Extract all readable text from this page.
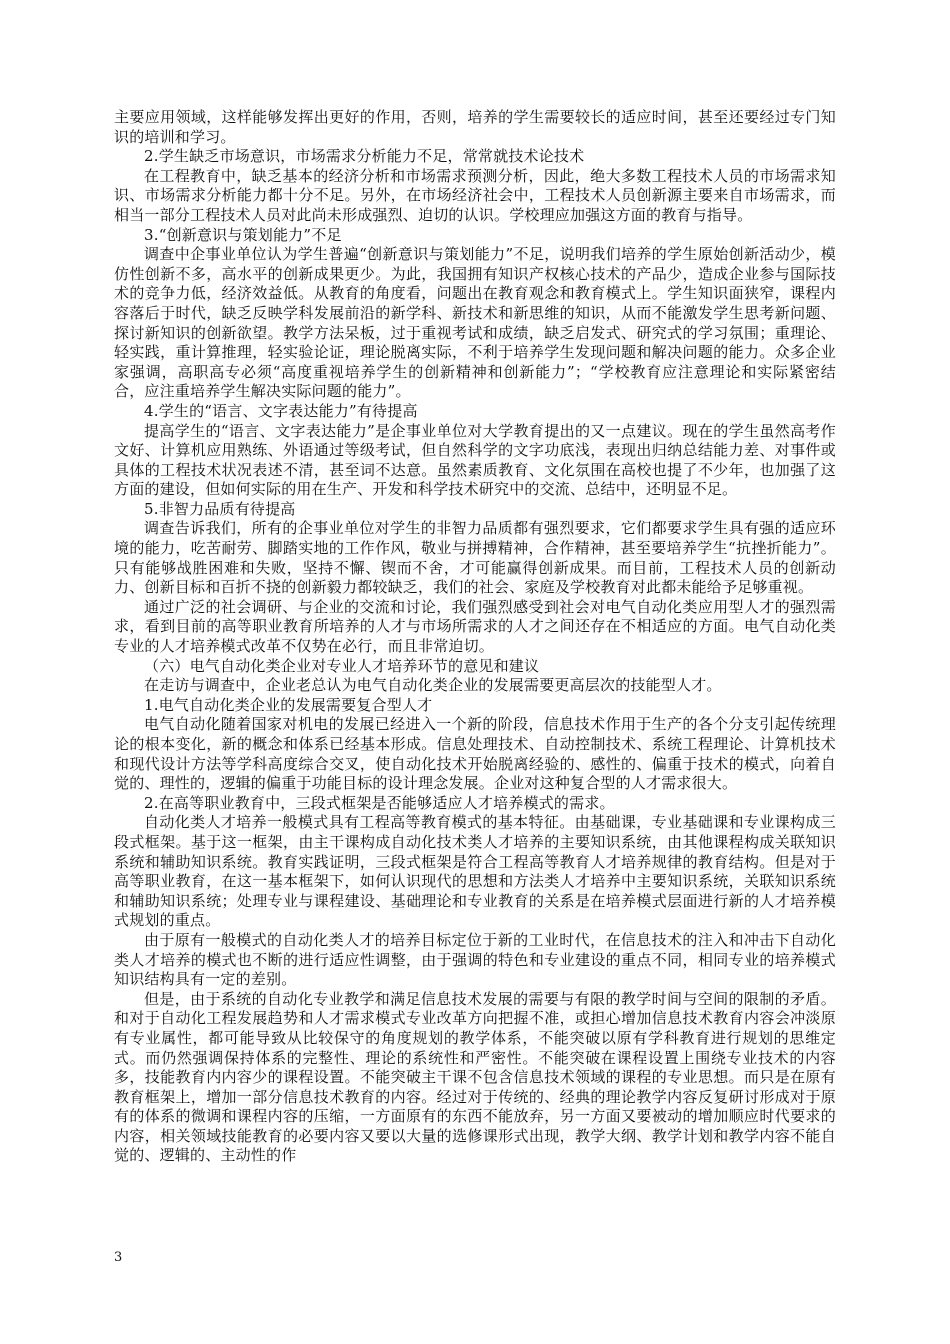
主要应用领域，这样能够发挥出更好的作用，否则，培养的学生需要较长的适应时间，甚至还要经过专门知识的培训和学习。

2.学生缺乏市场意识，市场需求分析能力不足，常常就技术论技术

在工程教育中，缺乏基本的经济分析和市场需求预测分析，因此，绝大多数工程技术人员的市场需求知识、市场需求分析能力都十分不足。另外，在市场经济社会中，工程技术人员创新源主要来自市场需求，而相当一部分工程技术人员对此尚未形成强烈、迫切的认识。学校理应加强这方面的教育与指导。

3.“创新意识与策划能力”不足

调查中企事业单位认为学生普遍“创新意识与策划能力”不足，说明我们培养的学生原始创新活动少，模仿性创新不多，高水平的创新成果更少。为此，我国拥有知识产权核心技术的产品少，造成企业参与国际技术的竞争力低，经济效益低。从教育的角度看，问题出在教育观念和教育模式上。学生知识面狭窄，课程内容落后于时代，缺乏反映学科发展前沿的新学科、新技术和新思维的知识，从而不能激发学生思考新问题、探讨新知识的创新欲望。教学方法呆板，过于重视考试和成绩，缺乏启发式、研究式的学习氛围；重理论、轻实践，重计算推理，轻实验论证，理论脱离实际，不利于培养学生发现问题和解决问题的能力。众多企业家强调，高职高专必须“高度重视培养学生的创新精神和创新能力”；“学校教育应注意理论和实际紧密结合，应注重培养学生解决实际问题的能力”。

4.学生的“语言、文字表达能力”有待提高

提高学生的“语言、文字表达能力”是企事业单位对大学教育提出的又一点建议。现在的学生虽然高考作文好、计算机应用熟练、外语通过等级考试，但自然科学的文字功底浅，表现出归纳总结能力差、对事件或具体的工程技术状况表述不清，甚至词不达意。虽然素质教育、文化氛围在高校也提了不少年，也加强了这方面的建设，但如何实际的用在生产、开发和科学技术研究中的交流、总结中，还明显不足。

5.非智力品质有待提高

调查告诉我们，所有的企事业单位对学生的非智力品质都有强烈要求，它们都要求学生具有强的适应环境的能力，吃苦耐劳、脚踏实地的工作作风，敬业与拼搏精神，合作精神，甚至要培养学生“抗挫折能力”。只有能够战胜困难和失败，坚持不懈、锲而不舍，才可能赢得创新成果。而目前，工程技术人员的创新动力、创新目标和百折不挠的创新毅力都较缺乏，我们的社会、家庭及学校教育对此都未能给予足够重视。

通过广泛的社会调研、与企业的交流和讨论，我们强烈感受到社会对电气自动化类应用型人才的强烈需求，看到目前的高等职业教育所培养的人才与市场所需求的人才之间还存在不相适应的方面。电气自动化类专业的人才培养模式改革不仅势在必行，而且非常迫切。

（六）电气自动化类企业对专业人才培养环节的意见和建议

在走访与调查中，企业老总认为电气自动化类企业的发展需要更高层次的技能型人才。

1.电气自动化类企业的发展需要复合型人才

电气自动化随着国家对机电的发展已经进入一个新的阶段，信息技术作用于生产的各个分支引起传统理论的根本变化，新的概念和体系已经基本形成。信息处理技术、自动控制技术、系统工程理论、计算机技术和现代设计方法等学科高度综合交叉，使自动化技术开始脱离经验的、感性的、偏重于技术的模式，向着自觉的、理性的，逻辑的偏重于功能目标的设计理念发展。企业对这种复合型的人才需求很大。

2.在高等职业教育中，三段式框架是否能够适应人才培养模式的需求。

自动化类人才培养一般模式具有工程高等教育模式的基本特征。由基础课，专业基础课和专业课构成三段式框架。基于这一框架，由主干课构成自动化技术类人才培养的主要知识系统，由其他课程构成关联知识系统和辅助知识系统。教育实践证明，三段式框架是符合工程高等教育人才培养规律的教育结构。但是对于高等职业教育，在这一基本框架下，如何认识现代的思想和方法类人才培养中主要知识系统，关联知识系统和辅助知识系统；处理专业与课程建设、基础理论和专业教育的关系是在培养模式层面进行新的人才培养模式规划的重点。

由于原有一般模式的自动化类人才的培养目标定位于新的工业时代，在信息技术的注入和冲击下自动化类人才培养的模式也不断的进行适应性调整，由于强调的特色和专业建设的重点不同，相同专业的培养模式知识结构具有一定的差别。

但是，由于系统的自动化专业教学和满足信息技术发展的需要与有限的教学时间与空间的限制的矛盾。和对于自动化工程发展趋势和人才需求模式专业改革方向把握不准，或担心增加信息技术教育内容会冲淡原有专业属性，都可能导致从比较保守的角度规划的教学体系，不能突破以原有学科教育进行规划的思维定式。而仍然强调保持体系的完整性、理论的系统性和严密性。不能突破在课程设置上围绕专业技术的内容多，技能教育内内容少的课程设置。不能突破主干课不包含信息技术领域的课程的专业思想。而只是在原有教育框架上，增加一部分信息技术教育的内容。经过对于传统的、经典的理论教学内容反复研讨形成对于原有的体系的微调和课程内容的压缩，一方面原有的东西不能放弃，另一方面又要被动的增加顺应时代要求的内容，相关领域技能教育的必要内容又要以大量的选修课形式出现，教学大纲、教学计划和教学内容不能自觉的、逻辑的、主动性的作

3
